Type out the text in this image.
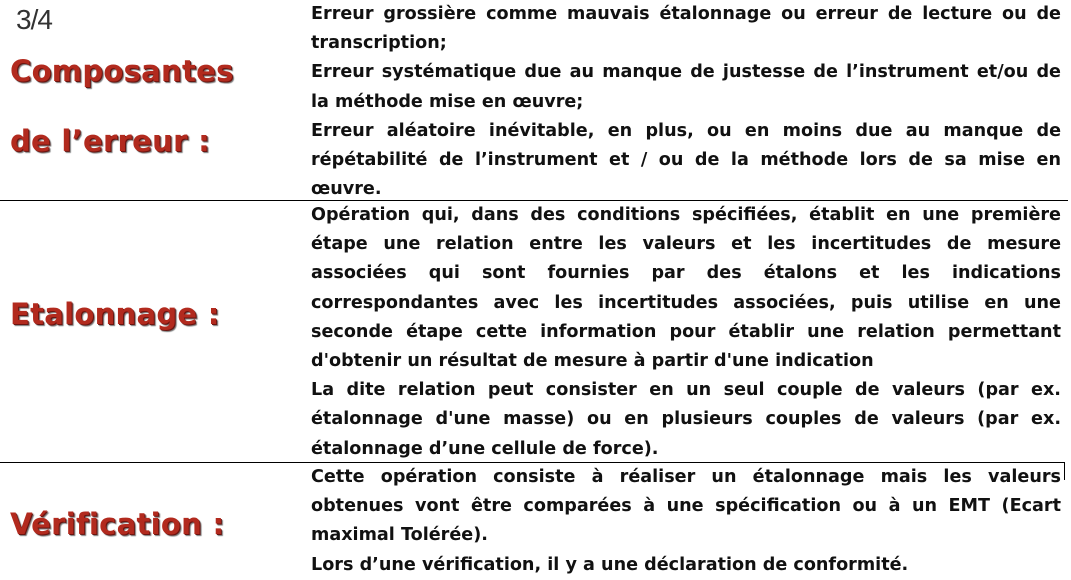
3/4
Composantes de l’erreur :

Erreur grossière comme mauvais étalonnage ou erreur de lecture ou de transcription;

Erreur systématique due au manque de justesse de l’instrument et/ou de la méthode mise en œuvre;

Erreur aléatoire inévitable, en plus, ou en moins due au manque de répétabilité de l’instrument et / ou de la méthode lors de sa mise en œuvre.

Etalonnage :

Opération qui, dans des conditions spécifiées, établit en une première étape une relation entre les valeurs et les incertitudes de mesure associées qui sont fournies par des étalons et les indications correspondantes avec les incertitudes associées, puis utilise en une seconde étape cette information pour établir une relation permettant d'obtenir un résultat de mesure à partir d'une indication

La dite relation peut consister en un seul couple de valeurs (par ex. étalonnage d'une masse) ou en plusieurs couples de valeurs (par ex. étalonnage d’une cellule de force).

Vérification :

Cette opération consiste à réaliser un étalonnage mais les valeurs obtenues vont être comparées à une spécification ou à un EMT (Ecart maximal Tolérée).

Lors d’une vérification, il y a une déclaration de conformité.
